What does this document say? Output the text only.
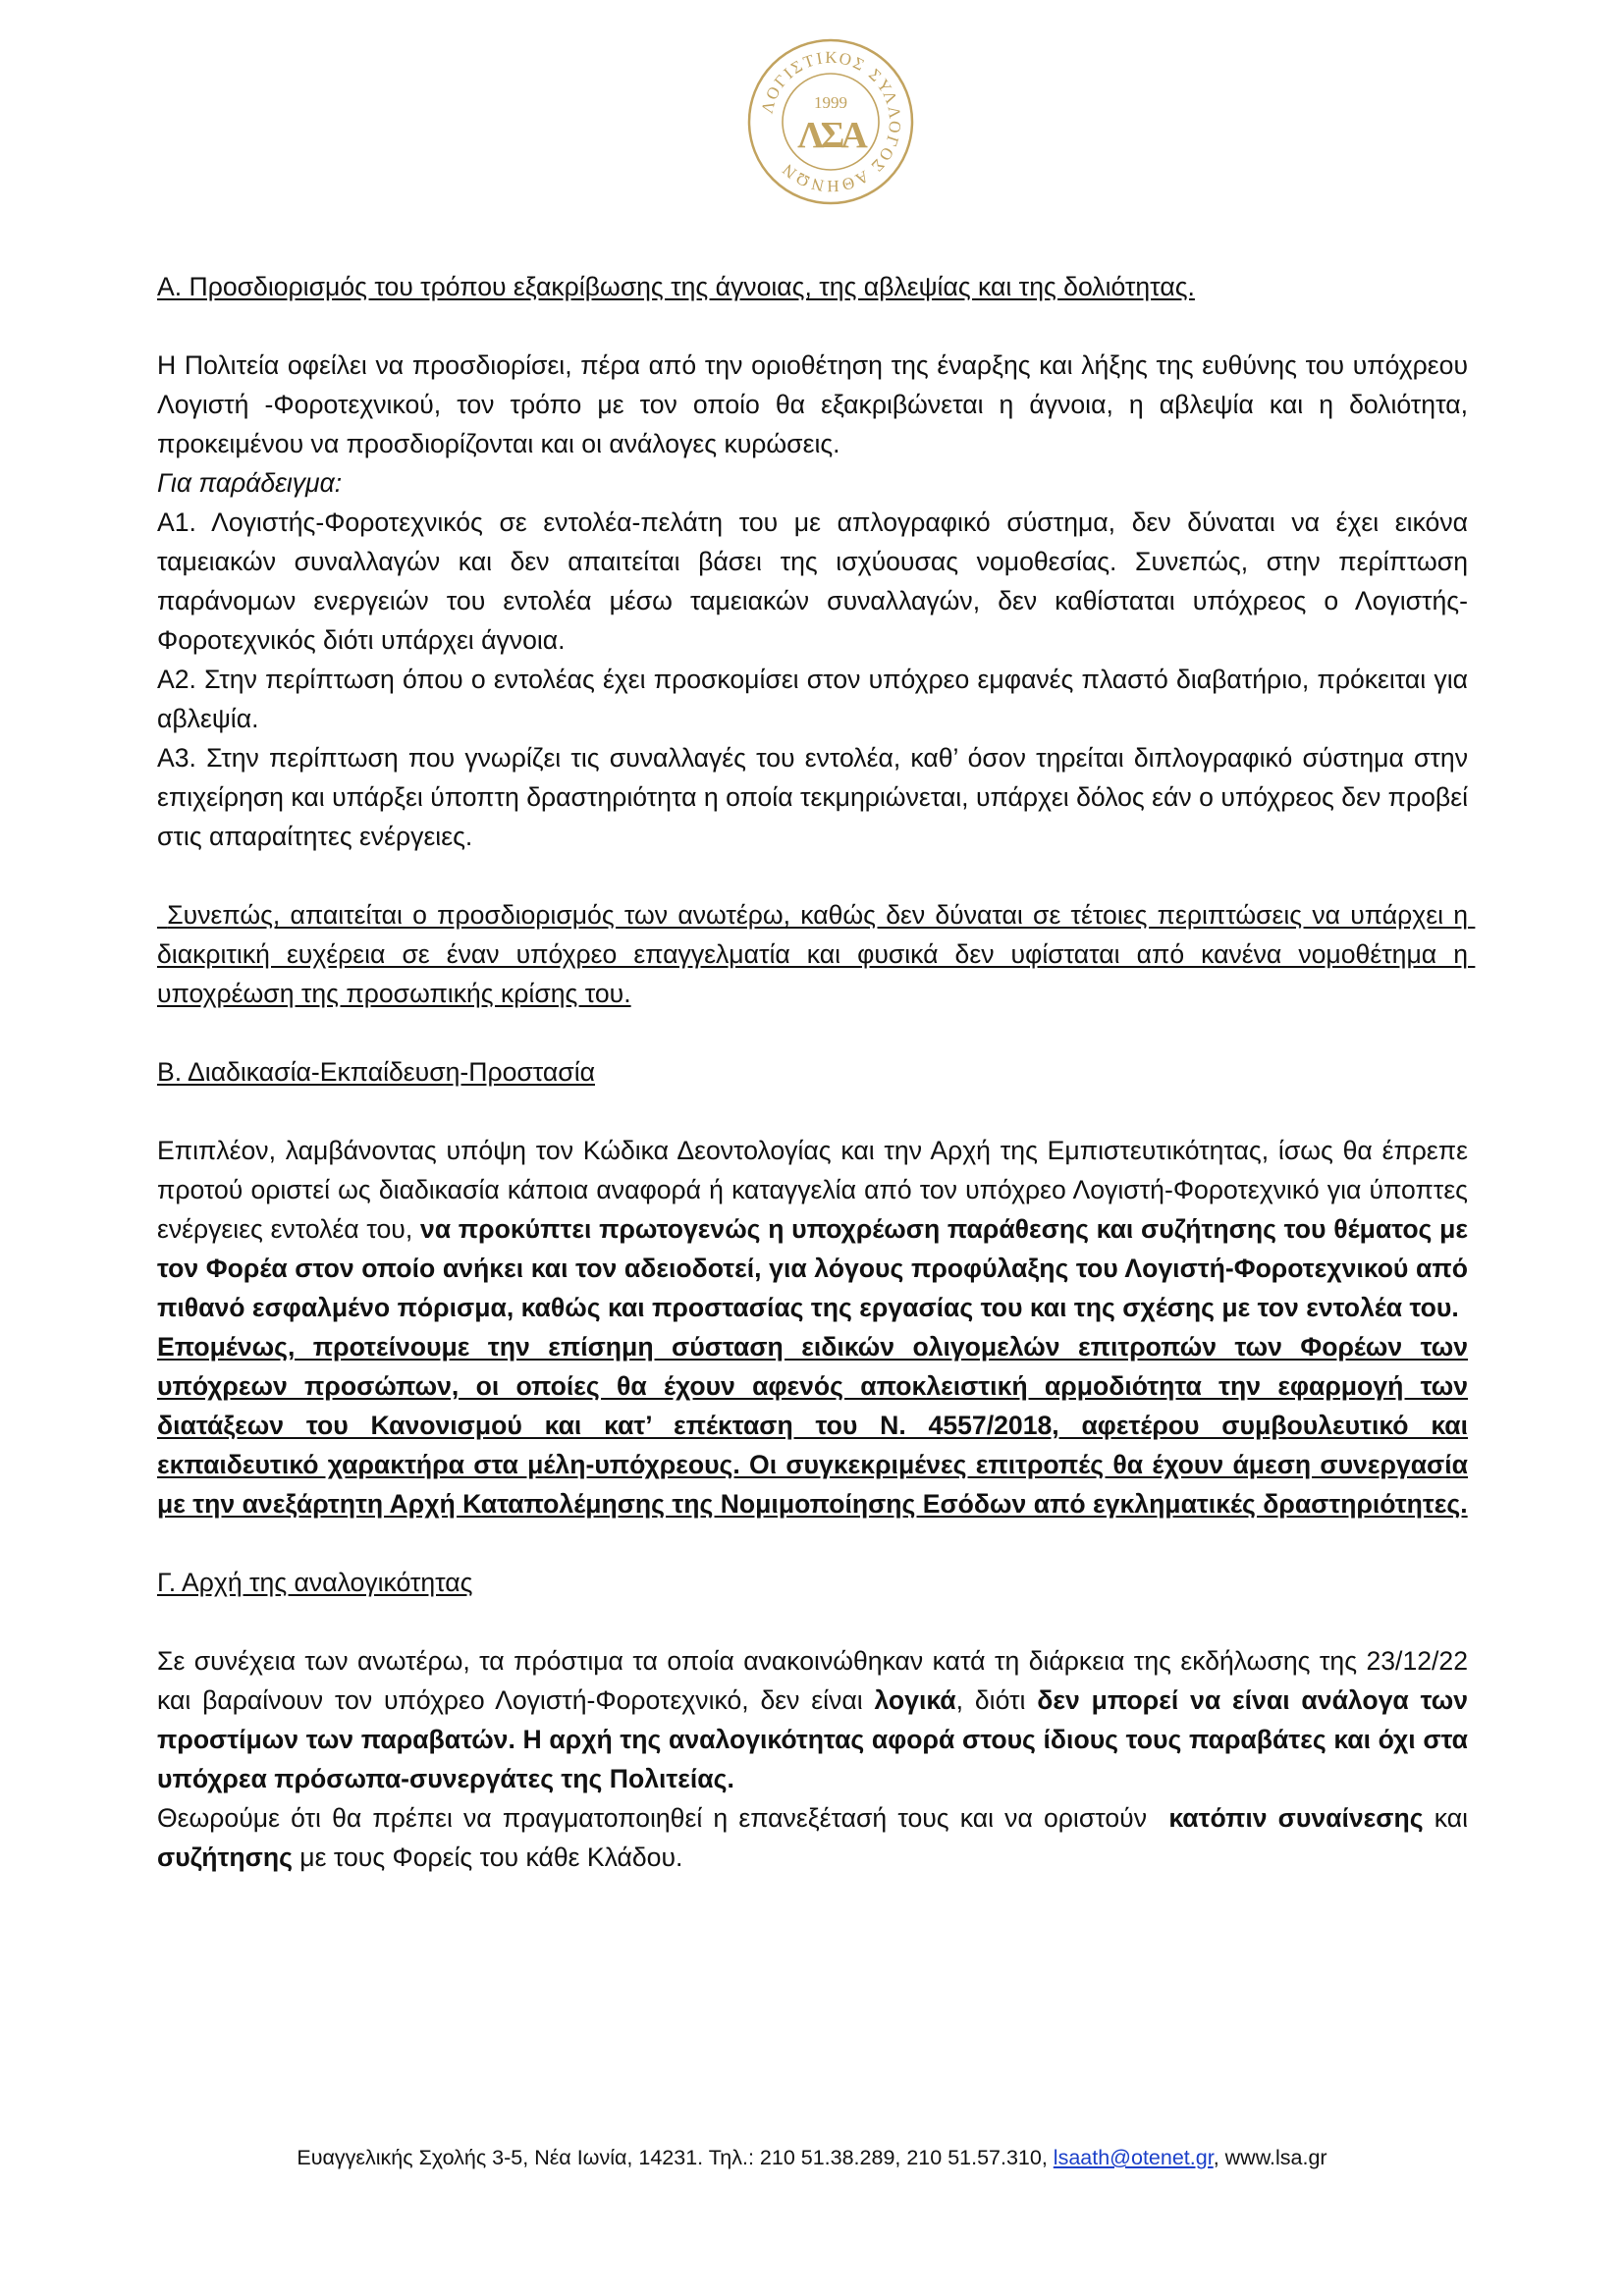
ΛΟΓΙΣΤΙΚΟΣ ΣΥΛΛΟΓΟΣ ΑΘΗΝΩΝ
1999
ΛΣΑ

Α. Προσδιορισμός του τρόπου εξακρίβωσης της άγνοιας, της αβλεψίας και της δολιότητας.

Η Πολιτεία οφείλει να προσδιορίσει, πέρα από την οριοθέτηση της έναρξης και λήξης της ευθύνης του υπόχρεου Λογιστή -Φοροτεχνικού, τον τρόπο με τον οποίο θα εξακριβώνεται η άγνοια, η αβλεψία και η δολιότητα, προκειμένου να προσδιορίζονται και οι ανάλογες κυρώσεις.

Για παράδειγμα:

Α1. Λογιστής-Φοροτεχνικός σε εντολέα-πελάτη του με απλογραφικό σύστημα, δεν δύναται να έχει εικόνα ταμειακών συναλλαγών και δεν απαιτείται βάσει της ισχύουσας νομοθεσίας. Συνεπώς, στην περίπτωση παράνομων ενεργειών του εντολέα μέσω ταμειακών συναλλαγών, δεν καθίσταται υπόχρεος ο Λογιστής-Φοροτεχνικός διότι υπάρχει άγνοια.

Α2. Στην περίπτωση όπου ο εντολέας έχει προσκομίσει στον υπόχρεο εμφανές πλαστό διαβατήριο, πρόκειται για αβλεψία.

Α3. Στην περίπτωση που γνωρίζει τις συναλλαγές του εντολέα, καθ’ όσον τηρείται διπλογραφικό σύστημα στην επιχείρηση και υπάρξει ύποπτη δραστηριότητα η οποία τεκμηριώνεται, υπάρχει δόλος εάν ο υπόχρεος δεν προβεί στις απαραίτητες ενέργειες.

Συνεπώς, απαιτείται ο προσδιορισμός των ανωτέρω, καθώς δεν δύναται σε τέτοιες περιπτώσεις να υπάρχει η διακριτική ευχέρεια σε έναν υπόχρεο επαγγελματία και φυσικά δεν υφίσταται από κανένα νομοθέτημα η υποχρέωση της προσωπικής κρίσης του.

Β. Διαδικασία-Εκπαίδευση-Προστασία

Επιπλέον, λαμβάνοντας υπόψη τον Κώδικα Δεοντολογίας και την Αρχή της Εμπιστευτικότητας, ίσως θα έπρεπε προτού οριστεί ως διαδικασία κάποια αναφορά ή καταγγελία από τον υπόχρεο Λογιστή-Φοροτεχνικό για ύποπτες ενέργειες εντολέα του, να προκύπτει πρωτογενώς η υποχρέωση παράθεσης και συζήτησης του θέματος με τον Φορέα στον οποίο ανήκει και τον αδειοδοτεί, για λόγους προφύλαξης του Λογιστή-Φοροτεχνικού από πιθανό εσφαλμένο πόρισμα, καθώς και προστασίας της εργασίας του και της σχέσης με τον εντολέα του.

Επομένως, προτείνουμε την επίσημη σύσταση ειδικών ολιγομελών επιτροπών των Φορέων των υπόχρεων προσώπων, οι οποίες θα έχουν αφενός αποκλειστική αρμοδιότητα την εφαρμογή των διατάξεων του Κανονισμού και κατ’ επέκταση του Ν. 4557/2018, αφετέρου συμβουλευτικό και εκπαιδευτικό χαρακτήρα στα μέλη-υπόχρεους. Οι συγκεκριμένες επιτροπές θα έχουν άμεση συνεργασία με την ανεξάρτητη Αρχή Καταπολέμησης της Νομιμοποίησης Εσόδων από εγκληματικές δραστηριότητες.

Γ. Αρχή της αναλογικότητας

Σε συνέχεια των ανωτέρω, τα πρόστιμα τα οποία ανακοινώθηκαν κατά τη διάρκεια της εκδήλωσης της 23/12/22 και βαραίνουν τον υπόχρεο Λογιστή-Φοροτεχνικό, δεν είναι λογικά, διότι δεν μπορεί να είναι ανάλογα των προστίμων των παραβατών. Η αρχή της αναλογικότητας αφορά στους ίδιους τους παραβάτες και όχι στα υπόχρεα πρόσωπα-συνεργάτες της Πολιτείας.

Θεωρούμε ότι θα πρέπει να πραγματοποιηθεί η επανεξέτασή τους και να οριστούν  κατόπιν συναίνεσης και συζήτησης με τους Φορείς του κάθε Κλάδου.

Ευαγγελικής Σχολής 3-5, Νέα Ιωνία, 14231. Τηλ.: 210 51.38.289, 210 51.57.310, lsaath@otenet.gr, www.lsa.gr
